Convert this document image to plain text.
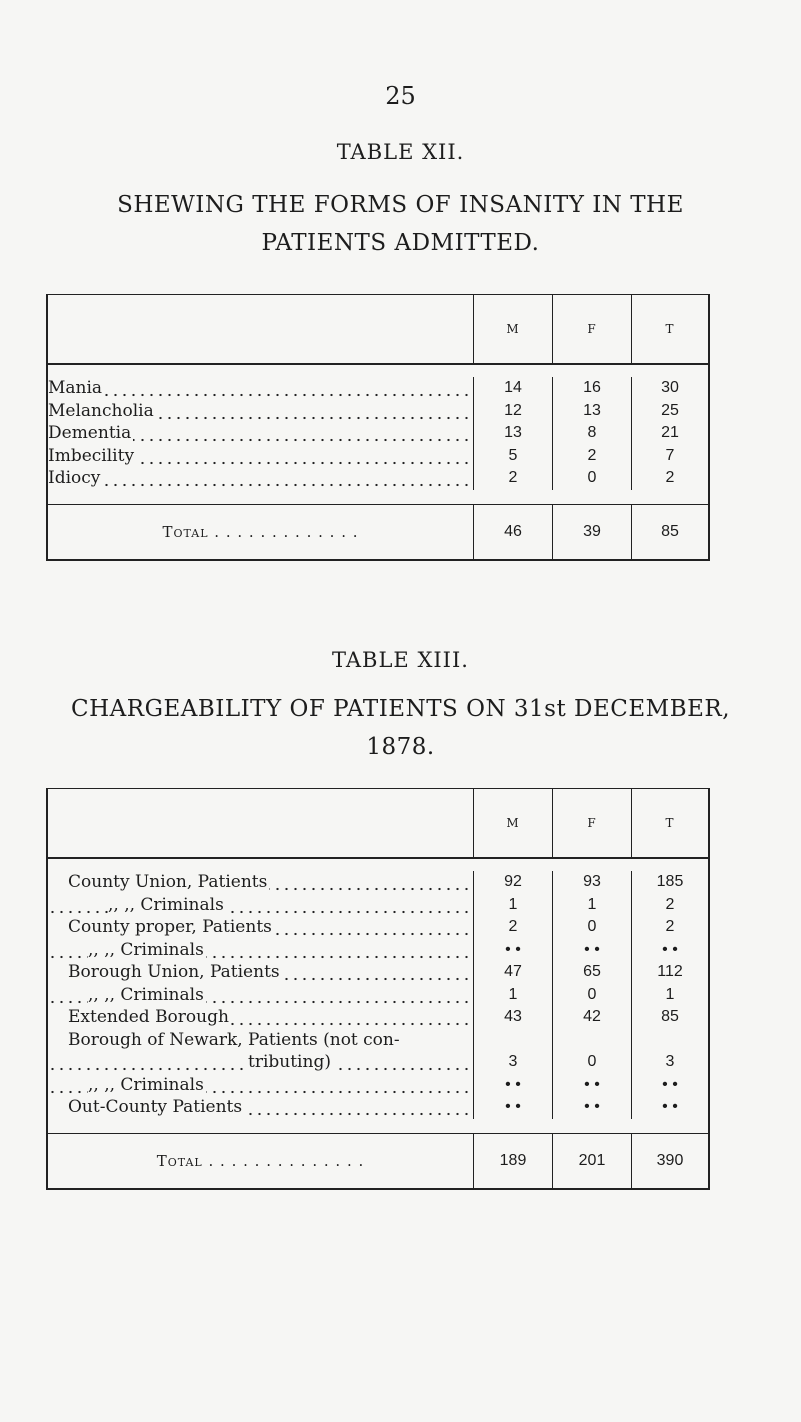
25
TABLE XII.
SHEWING THE FORMS OF INSANITY IN THE
PATIENTS ADMITTED.
M	F	T
Mania	14	16	30
Melancholia	12	13	25
Dementia	13	8	21
Imbecility	5	2	7
Idiocy	2	0	2
Total . . . . . . . . . . . . .	46	39	85
TABLE XIII.
CHARGEABILITY OF PATIENTS ON 31st DECEMBER,
1878.
M	F	T
County Union, Patients	92	93	185
,, ,, Criminals	1	1	2
County proper, Patients	2	0	2
,, ,, Criminals	• •	• •	• •
Borough Union, Patients	47	65	112
,, ,, Criminals	1	0	1
Extended Borough	43	42	85
Borough of Newark, Patients (not con-
tributing)	3	0	3
,, ,, Criminals	• •	• •	• •
Out-County Patients	• •	• •	• •
Total . . . . . . . . . . . . . .	189	201	390
